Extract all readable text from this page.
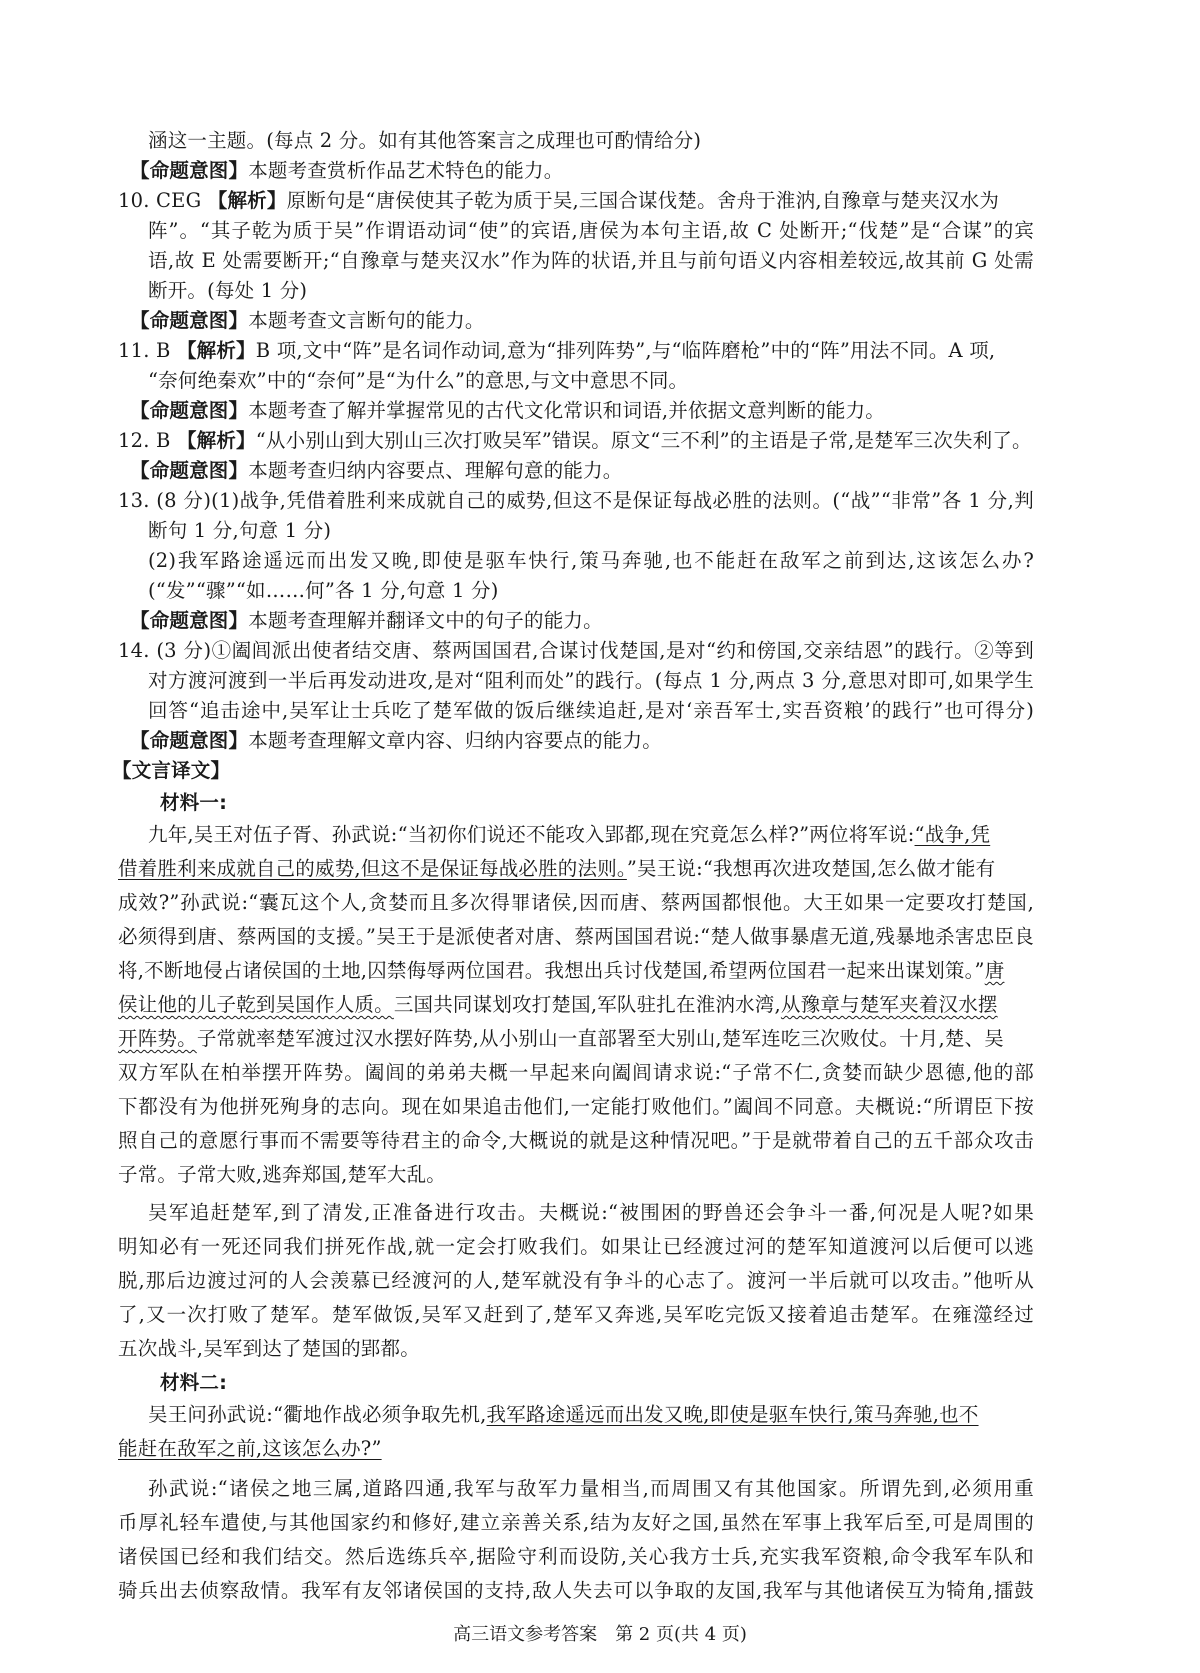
涵这一主题。(每点 2 分。如有其他答案言之成理也可酌情给分)
【命题意图】本题考查赏析作品艺术特色的能力。
10. CEG 【解析】原断句是“唐侯使其子乾为质于吴,三国合谋伐楚。舍舟于淮汭,自豫章与楚夹汉水为
阵”。“其子乾为质于吴”作谓语动词“使”的宾语,唐侯为本句主语,故 C 处断开;“伐楚”是“合谋”的宾
语,故 E 处需要断开;“自豫章与楚夹汉水”作为阵的状语,并且与前句语义内容相差较远,故其前 G 处需
断开。(每处 1 分)
【命题意图】本题考查文言断句的能力。
11. B 【解析】B 项,文中“阵”是名词作动词,意为“排列阵势”,与“临阵磨枪”中的“阵”用法不同。A 项,
“奈何绝秦欢”中的“奈何”是“为什么”的意思,与文中意思不同。
【命题意图】本题考查了解并掌握常见的古代文化常识和词语,并依据文意判断的能力。
12. B 【解析】“从小别山到大别山三次打败吴军”错误。原文“三不利”的主语是子常,是楚军三次失利了。
【命题意图】本题考查归纳内容要点、理解句意的能力。
13. (8 分)(1)战争,凭借着胜利来成就自己的威势,但这不是保证每战必胜的法则。(“战”“非常”各 1 分,判
断句 1 分,句意 1 分)
(2)我军路途遥远而出发又晚,即使是驱车快行,策马奔驰,也不能赶在敌军之前到达,这该怎么办?
(“发”“骤”“如……何”各 1 分,句意 1 分)
【命题意图】本题考查理解并翻译文中的句子的能力。
14. (3 分)①阖闾派出使者结交唐、蔡两国国君,合谋讨伐楚国,是对“约和傍国,交亲结恩”的践行。②等到
对方渡河渡到一半后再发动进攻,是对“阻利而处”的践行。(每点 1 分,两点 3 分,意思对即可,如果学生
回答“追击途中,吴军让士兵吃了楚军做的饭后继续追赶,是对‘亲吾军士,实吾资粮’的践行”也可得分)
【命题意图】本题考查理解文章内容、归纳内容要点的能力。
【文言译文】
材料一:
九年,吴王对伍子胥、孙武说:“当初你们说还不能攻入郢都,现在究竟怎么样?”两位将军说:“战争,凭
借着胜利来成就自己的威势,但这不是保证每战必胜的法则。”吴王说:“我想再次进攻楚国,怎么做才能有
成效?”孙武说:“囊瓦这个人,贪婪而且多次得罪诸侯,因而唐、蔡两国都恨他。大王如果一定要攻打楚国,
必须得到唐、蔡两国的支援。”吴王于是派使者对唐、蔡两国国君说:“楚人做事暴虐无道,残暴地杀害忠臣良
将,不断地侵占诸侯国的土地,囚禁侮辱两位国君。我想出兵讨伐楚国,希望两位国君一起来出谋划策。”唐
侯让他的儿子乾到吴国作人质。三国共同谋划攻打楚国,军队驻扎在淮汭水湾,从豫章与楚军夹着汉水摆
开阵势。子常就率楚军渡过汉水摆好阵势,从小别山一直部署至大别山,楚军连吃三次败仗。十月,楚、吴
双方军队在柏举摆开阵势。阖闾的弟弟夫概一早起来向阖闾请求说:“子常不仁,贪婪而缺少恩德,他的部
下都没有为他拼死殉身的志向。现在如果追击他们,一定能打败他们。”阖闾不同意。夫概说:“所谓臣下按
照自己的意愿行事而不需要等待君主的命令,大概说的就是这种情况吧。”于是就带着自己的五千部众攻击
子常。子常大败,逃奔郑国,楚军大乱。
吴军追赶楚军,到了清发,正准备进行攻击。夫概说:“被围困的野兽还会争斗一番,何况是人呢?如果
明知必有一死还同我们拼死作战,就一定会打败我们。如果让已经渡过河的楚军知道渡河以后便可以逃
脱,那后边渡过河的人会羡慕已经渡河的人,楚军就没有争斗的心志了。渡河一半后就可以攻击。”他听从
了,又一次打败了楚军。楚军做饭,吴军又赶到了,楚军又奔逃,吴军吃完饭又接着追击楚军。在雍澨经过
五次战斗,吴军到达了楚国的郢都。
材料二:
吴王问孙武说:“衢地作战必须争取先机,我军路途遥远而出发又晚,即使是驱车快行,策马奔驰,也不
能赶在敌军之前,这该怎么办?”
孙武说:“诸侯之地三属,道路四通,我军与敌军力量相当,而周围又有其他国家。所谓先到,必须用重
币厚礼轻车遣使,与其他国家约和修好,建立亲善关系,结为友好之国,虽然在军事上我军后至,可是周围的
诸侯国已经和我们结交。然后选练兵卒,据险守利而设防,关心我方士兵,充实我军资粮,命令我军车队和
骑兵出去侦察敌情。我军有友邻诸侯国的支持,敌人失去可以争取的友国,我军与其他诸侯互为犄角,擂鼓
高三语文参考答案　第 2 页(共 4 页)
